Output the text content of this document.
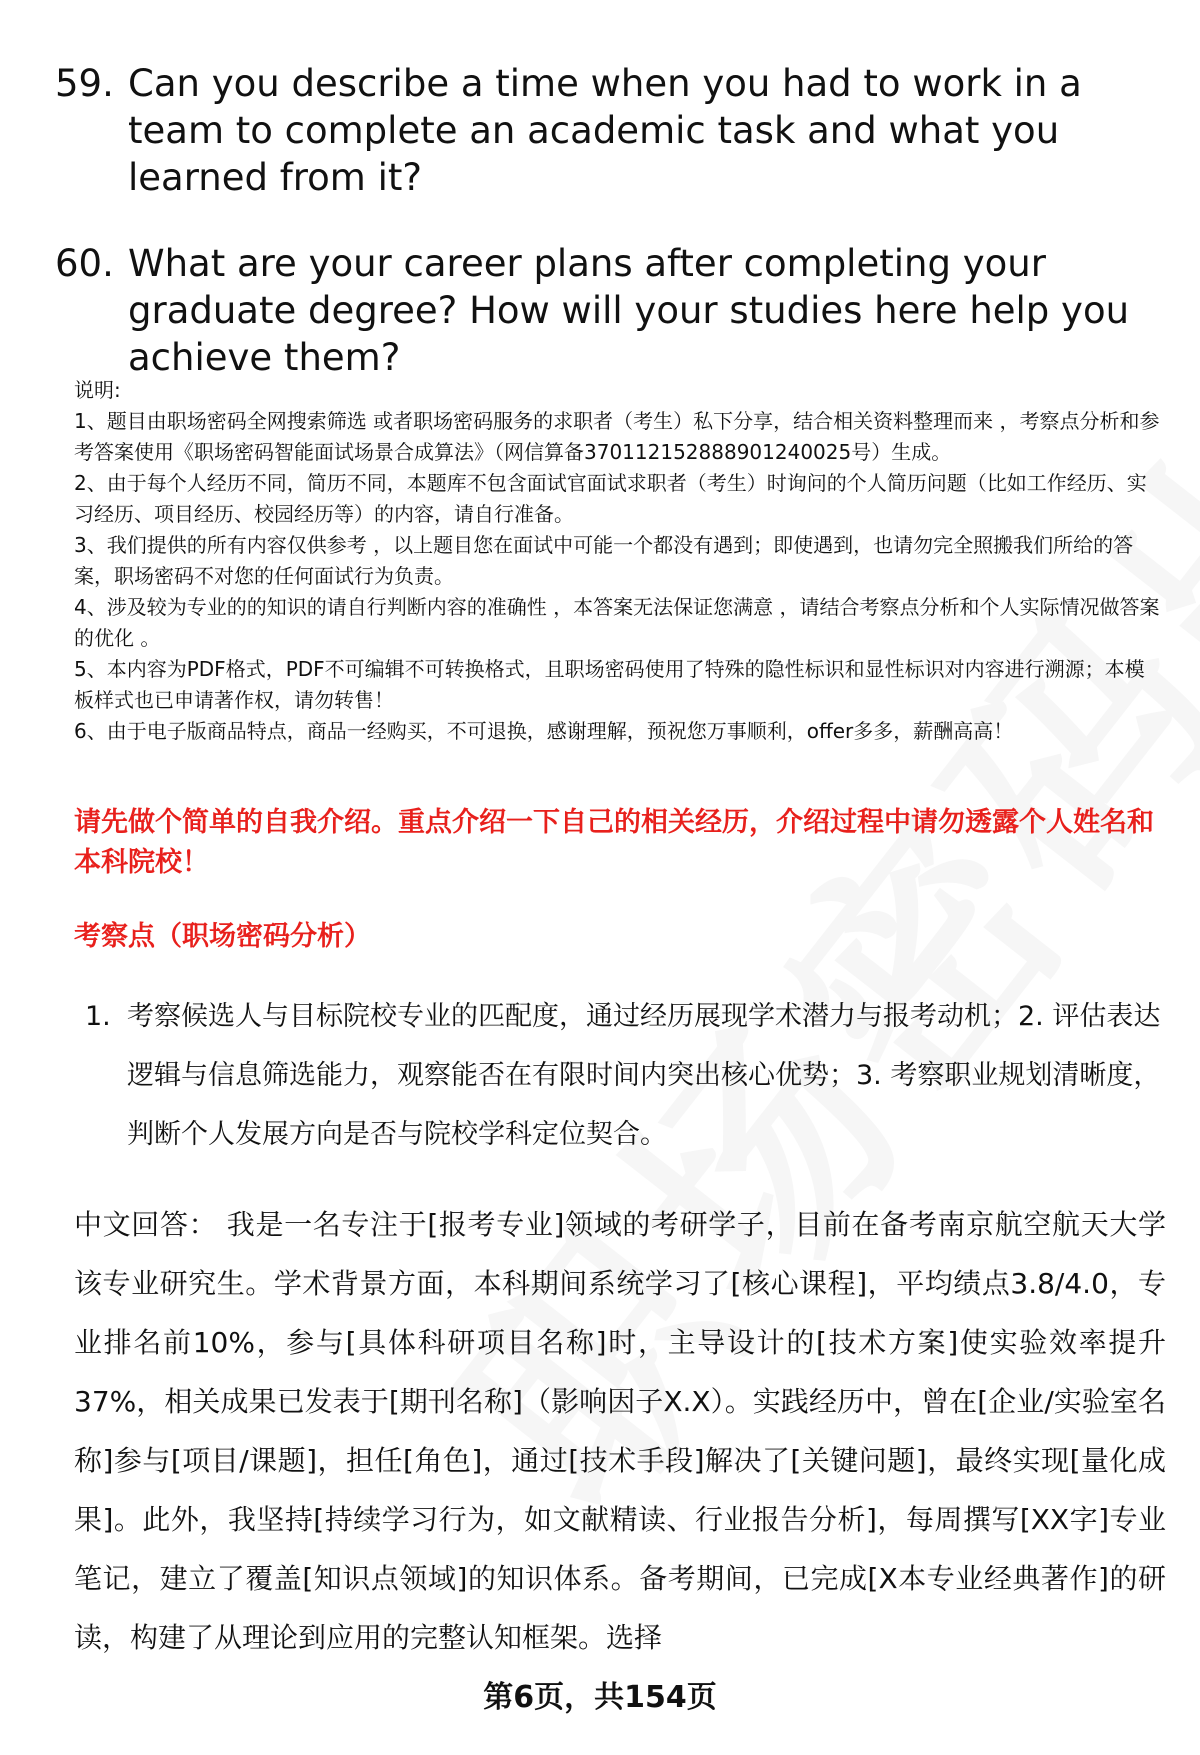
59. Can you describe a time when you had to work in a team to complete an academic task and what you learned from it?
60. What are your career plans after completing your graduate degree? How will your studies here help you achieve them?

说明:

1、题目由职场密码全网搜索筛选 或者职场密码服务的求职者（考生）私下分享，结合相关资料整理而来 ，考察点分析和参考答案使用《职场密码智能面试场景合成算法》（网信算备370112152888901240025号）生成。

2、由于每个人经历不同，简历不同，本题库不包含面试官面试求职者（考生）时询问的个人简历问题（比如工作经历、实习经历、项目经历、校园经历等）的内容，请自行准备。

3、我们提供的所有内容仅供参考 ，以上题目您在面试中可能一个都没有遇到；即使遇到，也请勿完全照搬我们所给的答案，职场密码不对您的任何面试行为负责。

4、涉及较为专业的的知识的请自行判断内容的准确性 ，本答案无法保证您满意 ，请结合考察点分析和个人实际情况做答案的优化 。

5、本内容为PDF格式，PDF不可编辑不可转换格式，且职场密码使用了特殊的隐性标识和显性标识对内容进行溯源；本模板样式也已申请著作权，请勿转售！

6、由于电子版商品特点，商品一经购买，不可退换，感谢理解，预祝您万事顺利，offer多多，薪酬高高！

请先做个简单的自我介绍。重点介绍一下自己的相关经历，介绍过程中请勿透露个人姓名和本科院校！
考察点（职场密码分析）
1. 考察候选人与目标院校专业的匹配度，通过经历展现学术潜力与报考动机；2. 评估表达逻辑与信息筛选能力，观察能否在有限时间内突出核心优势；3. 考察职业规划清晰度，判断个人发展方向是否与院校学科定位契合。
中文回答： 我是一名专注于[报考专业]领域的考研学子，目前在备考南京航空航天大学该专业研究生。学术背景方面，本科期间系统学习了[核心课程]，平均绩点3.8/4.0，专业排名前10%，参与[具体科研项目名称]时，主导设计的[技术方案]使实验效率提升37%，相关成果已发表于[期刊名称]（影响因子X.X）。实践经历中，曾在[企业/实验室名称]参与[项目/课题]，担任[角色]，通过[技术手段]解决了[关键问题]，最终实现[量化成果]。此外，我坚持[持续学习行为，如文献精读、行业报告分析]，每周撰写[XX字]专业笔记，建立了覆盖[知识点领域]的知识体系。备考期间，已完成[X本专业经典著作]的研读，构建了从理论到应用的完整认知框架。选择
第6页，共154页
